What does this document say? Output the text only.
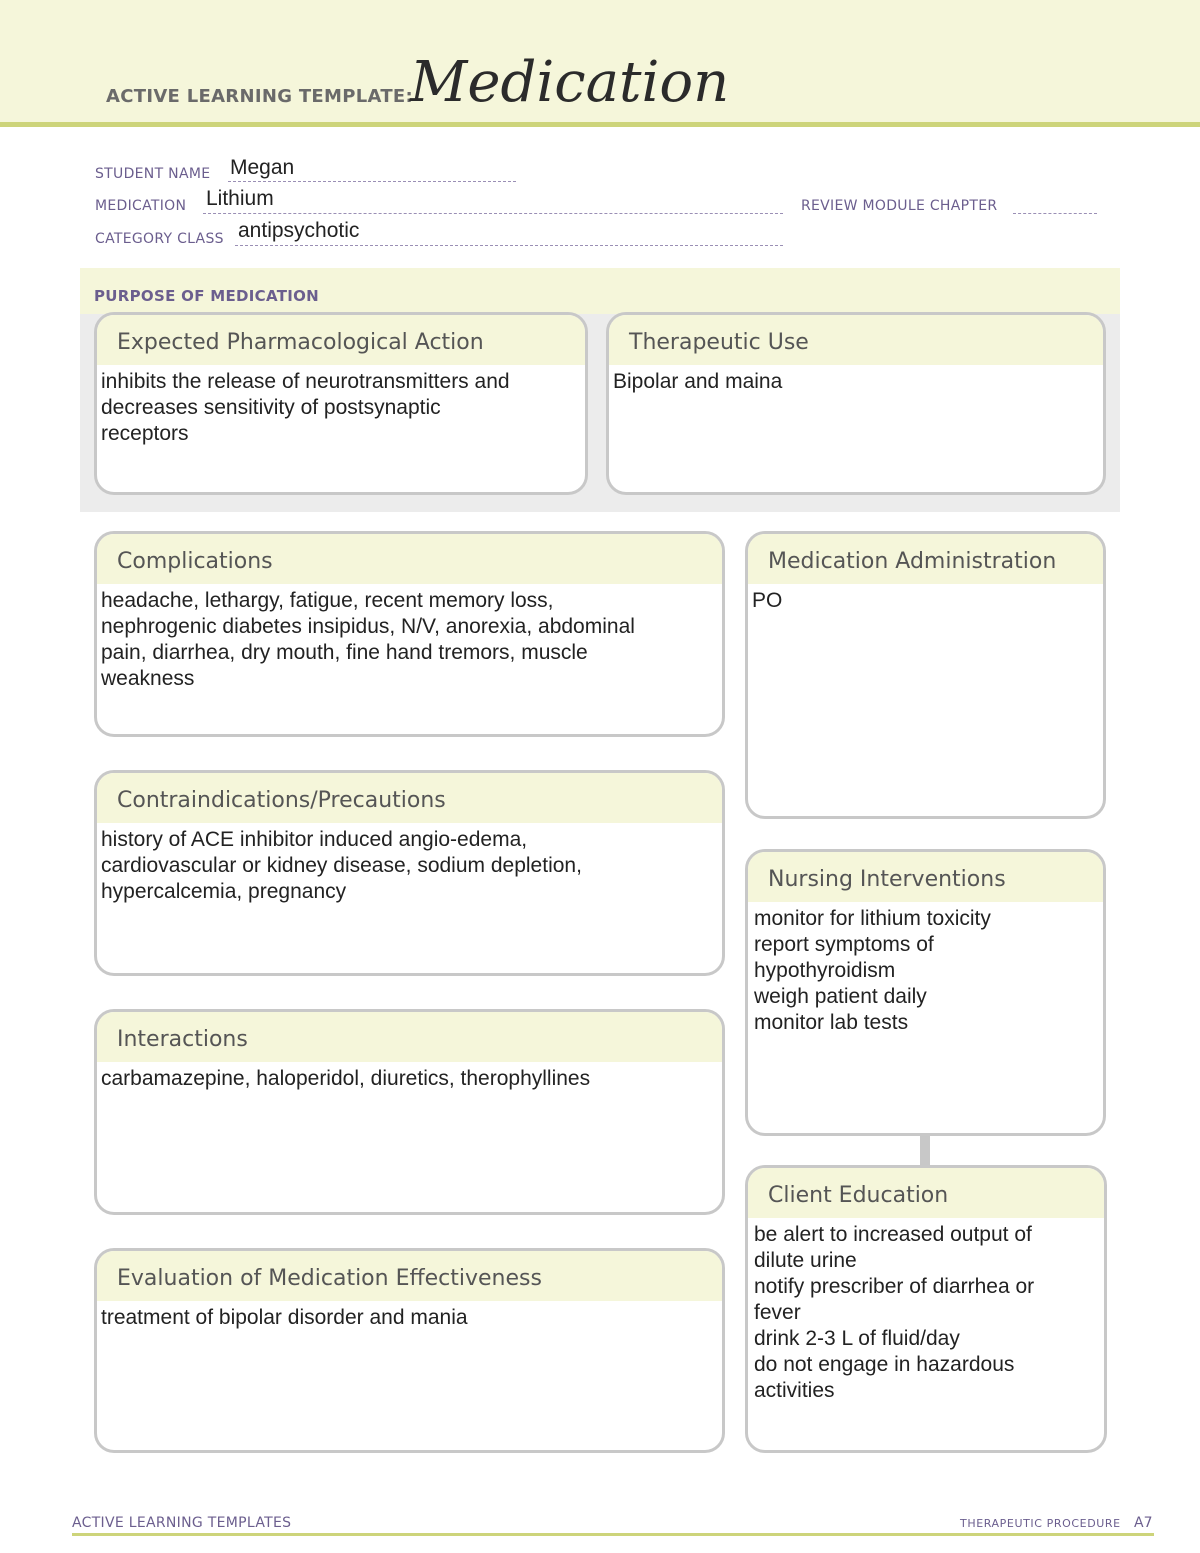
ACTIVE LEARNING TEMPLATE:
Medication
STUDENT NAME Megan
MEDICATION Lithium	REVIEW MODULE CHAPTER
CATEGORY CLASS antipsychotic
PURPOSE OF MEDICATION
Expected Pharmacological Action
inhibits the release of neurotransmitters and
decreases sensitivity of postsynaptic
receptors
Therapeutic Use
Bipolar and maina
Complications
headache, lethargy, fatigue, recent memory loss,
nephrogenic diabetes insipidus, N/V, anorexia, abdominal
pain, diarrhea, dry mouth, fine hand tremors, muscle
weakness
Contraindications/Precautions
history of ACE inhibitor induced angio-edema,
cardiovascular or kidney disease, sodium depletion,
hypercalcemia, pregnancy
Interactions
carbamazepine, haloperidol, diuretics, therophyllines
Evaluation of Medication Effectiveness
treatment of bipolar disorder and mania
Medication Administration
PO
Nursing Interventions
monitor for lithium toxicity
report symptoms of
hypothyroidism
weigh patient daily
monitor lab tests
Client Education
be alert to increased output of
dilute urine
notify prescriber of diarrhea or
fever
drink 2-3 L of fluid/day
do not engage in hazardous
activities
ACTIVE LEARNING TEMPLATES	THERAPEUTIC PROCEDURE A7
